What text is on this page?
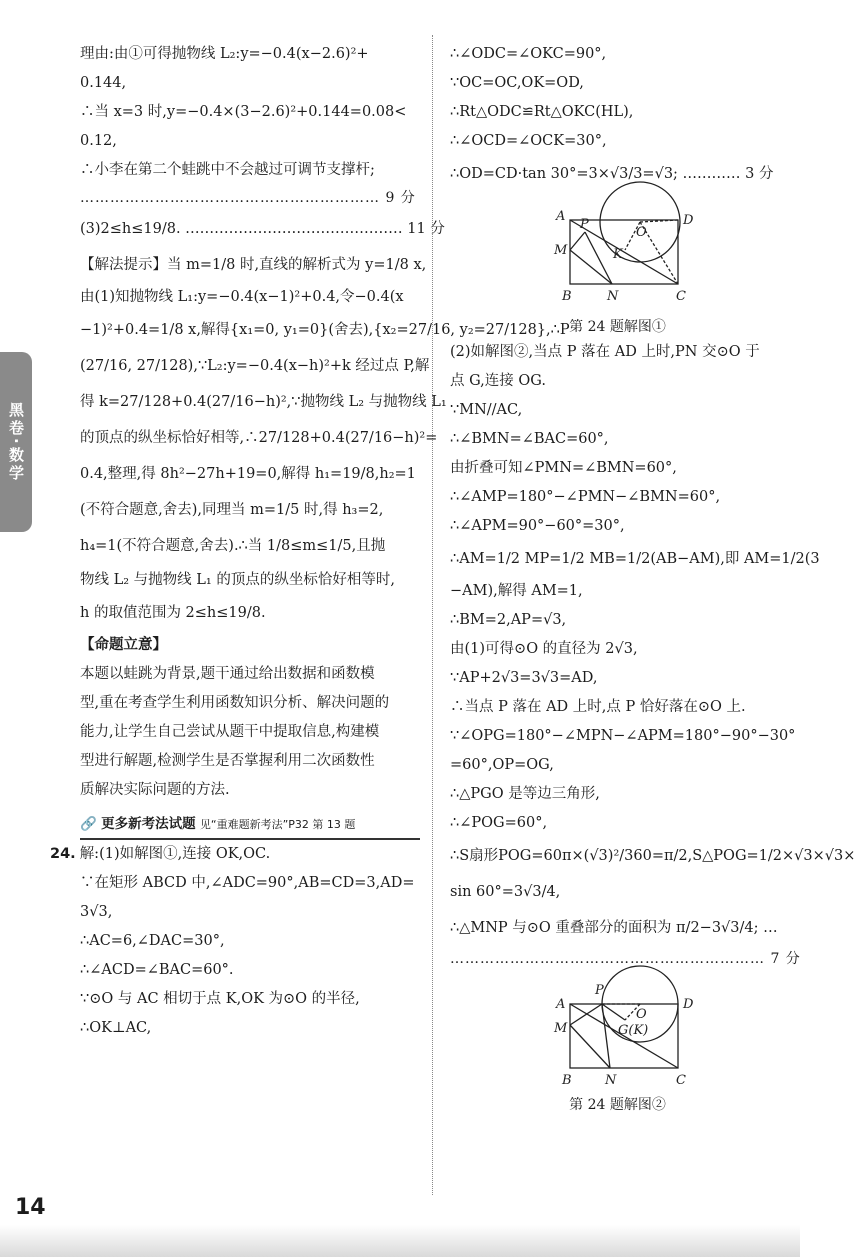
黑卷·数学
理由:由①可得抛物线 L₂:y=−0.4(x−2.6)²+
0.144,
∴当 x=3 时,y=−0.4×(3−2.6)²+0.144=0.08<
0.12,
∴小李在第二个蛙跳中不会越过可调节支撑杆;
…………………………………………………… 9 分
(3)2≤h≤19/8. ……………………………………… 11 分
【解法提示】当 m=1/8 时,直线的解析式为 y=1/8 x,
由(1)知抛物线 L₁:y=−0.4(x−1)²+0.4,令−0.4(x
−1)²+0.4=1/8 x,解得{x₁=0, y₁=0}(舍去),{x₂=27/16, y₂=27/128},∴P
(27/16, 27/128),∵L₂:y=−0.4(x−h)²+k 经过点 P,解
得 k=27/128+0.4(27/16−h)²,∵抛物线 L₂ 与抛物线 L₁
的顶点的纵坐标恰好相等,∴27/128+0.4(27/16−h)²=
0.4,整理,得 8h²−27h+19=0,解得 h₁=19/8,h₂=1
(不符合题意,舍去),同理当 m=1/5 时,得 h₃=2,
h₄=1(不符合题意,舍去).∴当 1/8≤m≤1/5,且抛
物线 L₂ 与抛物线 L₁ 的顶点的纵坐标恰好相等时,
h 的取值范围为 2≤h≤19/8.
【命题立意】
本题以蛙跳为背景,题干通过给出数据和函数模
型,重在考查学生利用函数知识分析、解决问题的
能力,让学生自己尝试从题干中提取信息,构建模
型进行解题,检测学生是否掌握利用二次函数性
质解决实际问题的方法.
🔗 更多新考法试题 见“重难题新考法”P32 第 13 题
24. 解:(1)如解图①,连接 OK,OC.
∵在矩形 ABCD 中,∠ADC=90°,AB=CD=3,AD=
3√3,
∴AC=6,∠DAC=30°,
∴∠ACD=∠BAC=60°.
∵⊙O 与 AC 相切于点 K,OK 为⊙O 的半径,
∴OK⊥AC,
∴∠ODC=∠OKC=90°,
∵OC=OC,OK=OD,
∴Rt△ODC≌Rt△OKC(HL),
∴∠OCD=∠OCK=30°,
∴OD=CD·tan 30°=3×√3/3=√3; ………… 3 分
A	D
P
O
M	K
B	N	C
第 24 题解图①
(2)如解图②,当点 P 落在 AD 上时,PN 交⊙O 于
点 G,连接 OG.
∵MN//AC,
∴∠BMN=∠BAC=60°,
由折叠可知∠PMN=∠BMN=60°,
∴∠AMP=180°−∠PMN−∠BMN=60°,
∴∠APM=90°−60°=30°,
∴AM=1/2 MP=1/2 MB=1/2(AB−AM),即 AM=1/2(3
−AM),解得 AM=1,
∴BM=2,AP=√3,
由(1)可得⊙O 的直径为 2√3,
∵AP+2√3=3√3=AD,
∴当点 P 落在 AD 上时,点 P 恰好落在⊙O 上.
∵∠OPG=180°−∠MPN−∠APM=180°−90°−30°
=60°,OP=OG,
∴△PGO 是等边三角形,
∴∠POG=60°,
∴S扇形POG=60π×(√3)²/360=π/2,S△POG=1/2×√3×√3×
sin 60°=3√3/4,
∴△MNP 与⊙O 重叠部分的面积为 π/2−3√3/4; …
……………………………………………………… 7 分
A
P
D
O
M	G(K)
B	N	C
第 24 题解图②
14
